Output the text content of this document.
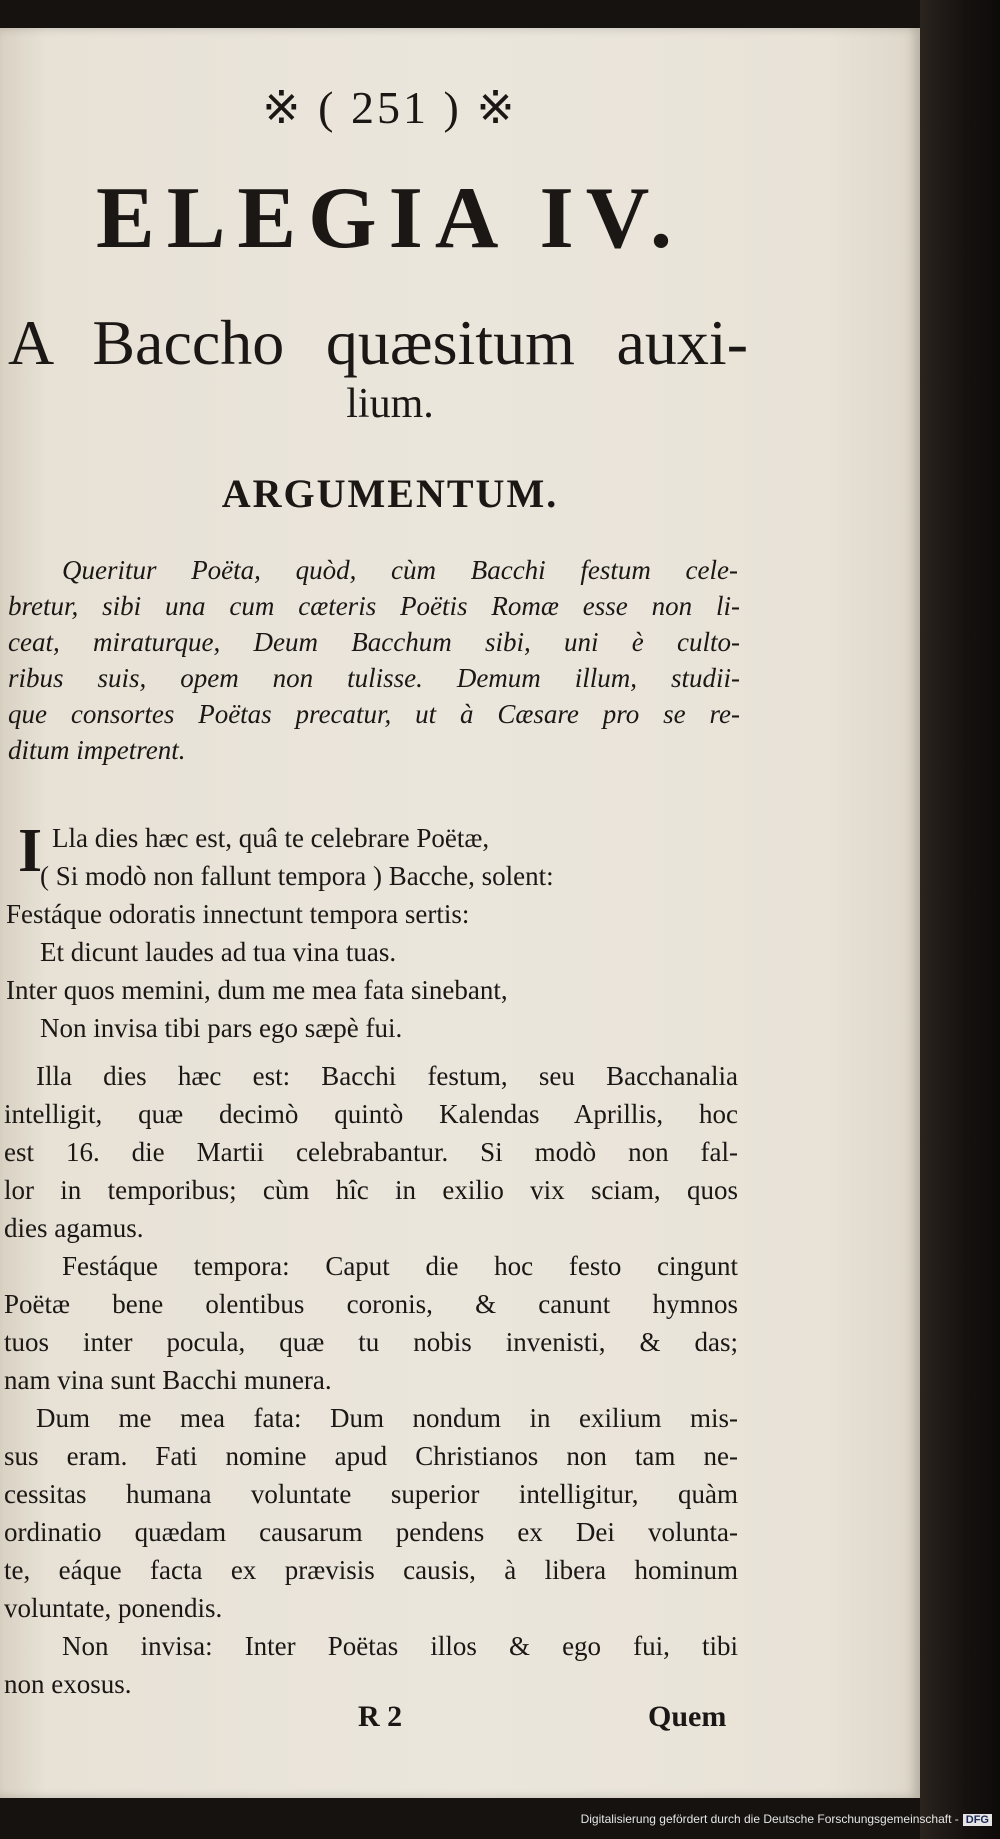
※ ( 251 ) ※
ELEGIA IV.
A Baccho quæsitum auxi-
lium.
ARGUMENTUM.
Queritur Poëta, quòd, cùm Bacchi festum cele-
bretur, sibi una cum cæteris Poëtis Romæ esse non li-
ceat, miraturque, Deum Bacchum sibi, uni è culto-
ribus suis, opem non tulisse. Demum illum, studii-
que consortes Poëtas precatur, ut à Cæsare pro se re-
ditum impetrent.
I Lla dies hæc est, quâ te celebrare Poëtæ,
( Si modò non fallunt tempora ) Bacche, solent:
Festáque odoratis innectunt tempora sertis:
Et dicunt laudes ad tua vina tuas.
Inter quos memini, dum me mea fata sinebant,
Non invisa tibi pars ego sæpè fui.
Illa dies hæc est: Bacchi festum, seu Bacchanalia
intelligit, quæ decimò quintò Kalendas Aprillis, hoc
est 16. die Martii celebrabantur. Si modò non fal-
lor in temporibus; cùm hîc in exilio vix sciam, quos
dies agamus.
Festáque tempora: Caput die hoc festo cingunt
Poëtæ bene olentibus coronis, & canunt hymnos
tuos inter pocula, quæ tu nobis invenisti, & das;
nam vina sunt Bacchi munera.
Dum me mea fata: Dum nondum in exilium mis-
sus eram. Fati nomine apud Christianos non tam ne-
cessitas humana voluntate superior intelligitur, quàm
ordinatio quædam causarum pendens ex Dei volunta-
te, eáque facta ex prævisis causis, à libera hominum
voluntate, ponendis.
Non invisa: Inter Poëtas illos & ego fui, tibi
non exosus.
R 2	Quem
Digitalisierung gefördert durch die Deutsche Forschungsgemeinschaft - DFG
